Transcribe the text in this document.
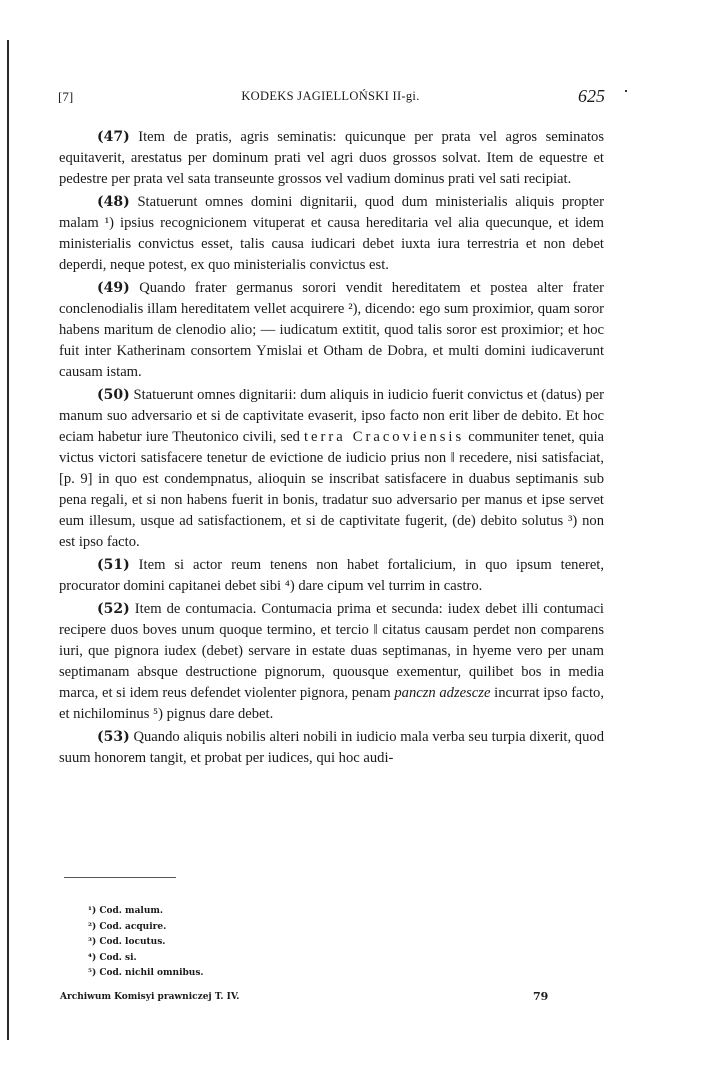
[7]	KODEKS JAGIELLOŃSKI II-gi.	625

(47) Item de pratis, agris seminatis: quicunque per prata vel agros seminatos equitaverit, arestatus per dominum prati vel agri duos grossos solvat. Item de equestre et pedestre per prata vel sata transeunte grossos vel vadium dominus prati vel sati recipiat.

(48) Statuerunt omnes domini dignitarii, quod dum ministerialis aliquis propter malam ¹) ipsius recognicionem vituperat et causa hereditaria vel alia quecunque, et idem ministerialis convictus esset, talis causa iudicari debet iuxta iura terrestria et non debet deperdi, neque potest, ex quo ministerialis convictus est.

(49) Quando frater germanus sorori vendit hereditatem et postea alter frater conclenodialis illam hereditatem vellet acquirere ²), dicendo: ego sum proximior, quam soror habens maritum de clenodio alio; — iudicatum extitit, quod talis soror est proximior; et hoc fuit inter Katherinam consortem Ymislai et Otham de Dobra, et multi domini iudicaverunt causam istam.

(50) Statuerunt omnes dignitarii: dum aliquis in iudicio fuerit convictus et (datus) per manum suo adversario et si de captivitate evaserit, ipso facto non erit liber de debito. Et hoc eciam habetur iure Theutonico civili, sed terra Cracoviensis communiter tenet, quia victus victori satisfacere tenetur de evictione de iudicio prius non ‖ recedere, nisi satisfaciat, [p. 9] in quo est condempnatus, alioquin se inscribat satisfacere in duabus septimanis sub pena regali, et si non habens fuerit in bonis, tradatur suo adversario per manus et ipse servet eum illesum, usque ad satisfactionem, et si de captivitate fugerit, (de) debito solutus ³) non est ipso facto.

(51) Item si actor reum tenens non habet fortalicium, in quo ipsum teneret, procurator domini capitanei debet sibi ⁴) dare cipum vel turrim in castro.

(52) Item de contumacia. Contumacia prima et secunda: iudex debet illi contumaci recipere duos boves unum quoque termino, et tercio ‖ citatus causam perdet non comparens iuri, que pignora iudex (debet) servare in estate duas septimanas, in hyeme vero per unam septimanam absque destructione pignorum, quousque exementur, quilibet bos in media marca, et si idem reus defendet violenter pignora, penam panczn adzescze incurrat ipso facto, et nichilominus ⁵) pignus dare debet.

(53) Quando aliquis nobilis alteri nobili in iudicio mala verba seu turpia dixerit, quod suum honorem tangit, et probat per iudices, qui hoc audi-

¹) Cod. malum.
²) Cod. acquire.
³) Cod. locutus.
⁴) Cod. si.
⁵) Cod. nichil omnibus.
Archiwum Komisyi prawniczej T. IV.	79
